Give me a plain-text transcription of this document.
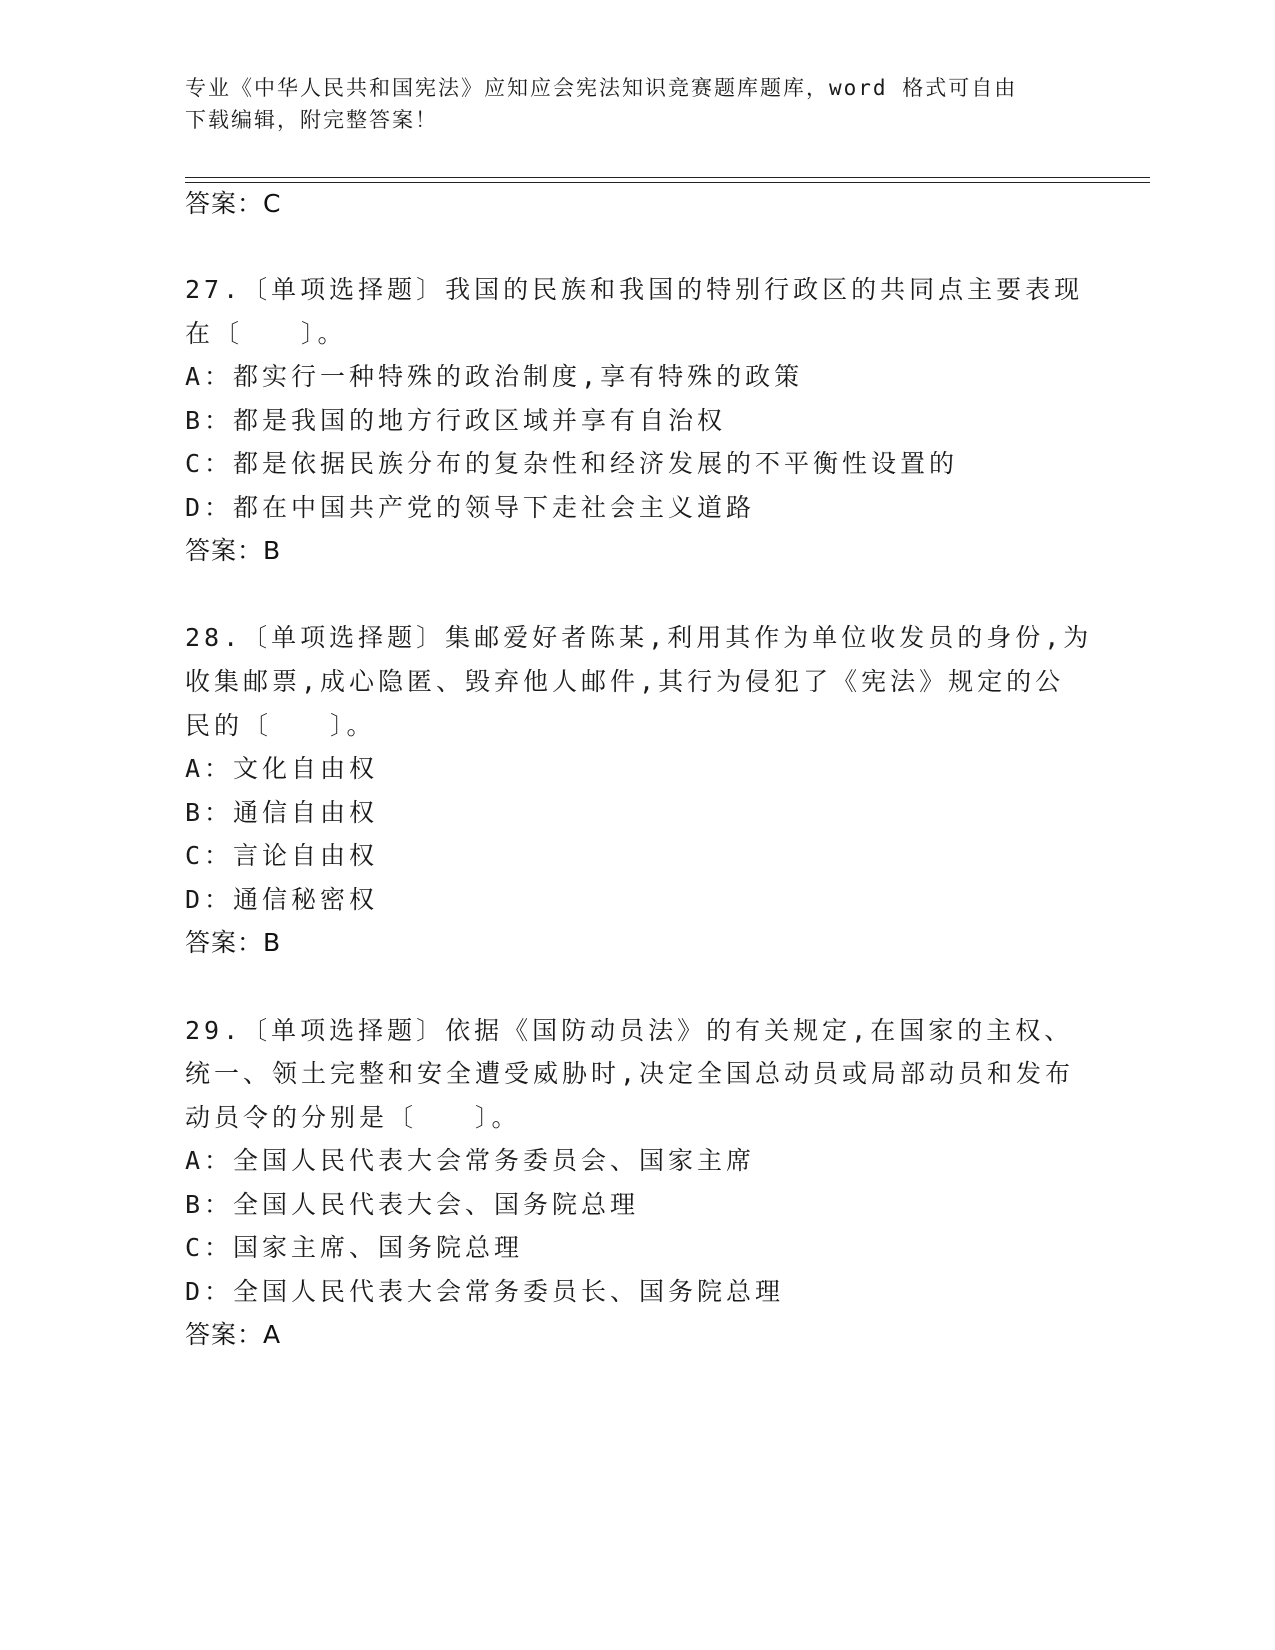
专业《中华人民共和国宪法》应知应会宪法知识竞赛题库题库，word 格式可自由
下载编辑，附完整答案！
答案：C
27.〔单项选择题〕我国的民族和我国的特别行政区的共同点主要表现
在〔　　〕。
A：都实行一种特殊的政治制度,享有特殊的政策
B：都是我国的地方行政区域并享有自治权
C：都是依据民族分布的复杂性和经济发展的不平衡性设置的
D：都在中国共产党的领导下走社会主义道路
答案：B
28.〔单项选择题〕集邮爱好者陈某,利用其作为单位收发员的身份,为
收集邮票,成心隐匿、毁弃他人邮件,其行为侵犯了《宪法》规定的公
民的〔　　〕。
A：文化自由权
B：通信自由权
C：言论自由权
D：通信秘密权
答案：B
29.〔单项选择题〕依据《国防动员法》的有关规定,在国家的主权、
统一、领土完整和安全遭受威胁时,决定全国总动员或局部动员和发布
动员令的分别是〔　　〕。
A：全国人民代表大会常务委员会、国家主席
B：全国人民代表大会、国务院总理
C：国家主席、国务院总理
D：全国人民代表大会常务委员长、国务院总理
答案：A
